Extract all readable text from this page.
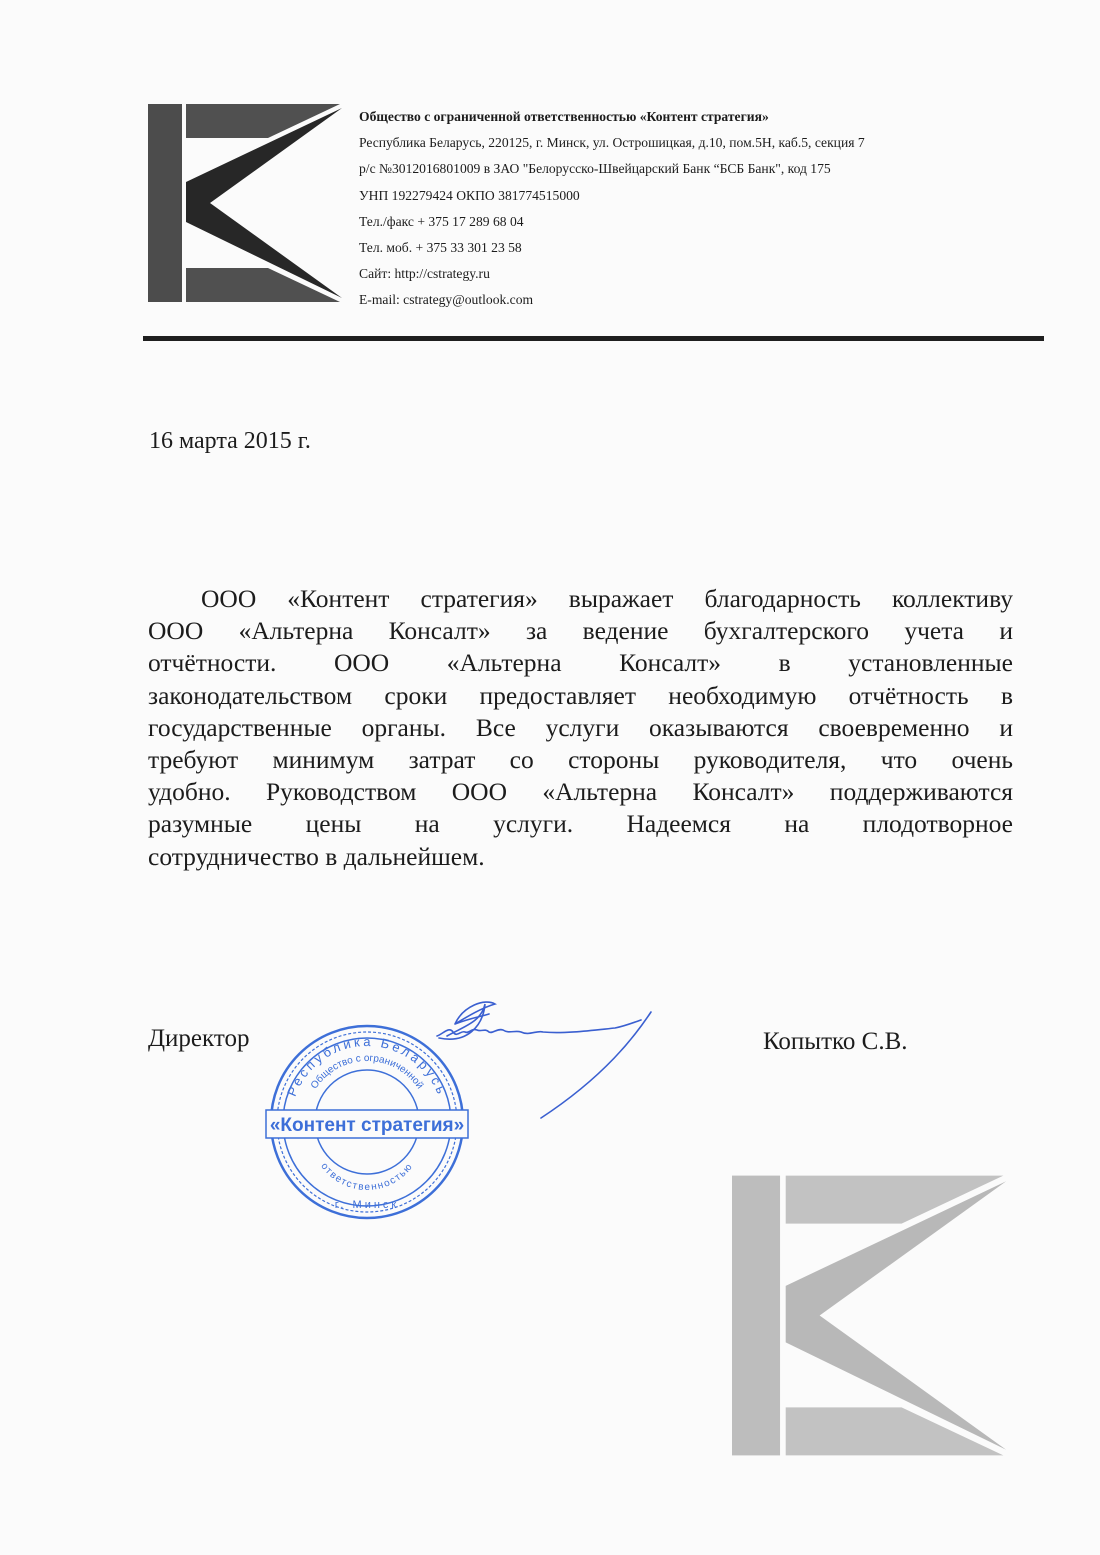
Общество с ограниченной ответственностью «Контент стратегия»
Республика Беларусь, 220125, г. Минск, ул. Острошицкая, д.10, пом.5Н, каб.5, секция 7
р/с №3012016801009 в ЗАО "Белорусско-Швейцарский Банк “БСБ Банк", код 175
УНП 192279424 ОКПО 381774515000
Тел./факс + 375 17 289 68 04
Тел. моб. + 375 33 301 23 58
Сайт: http://cstrategy.ru
E-mail: cstrategy@outlook.com
16 марта 2015 г.
ООО «Контент стратегия» выражает благодарность коллективу
ООО «Альтерна Консалт» за ведение бухгалтерского учета и
отчётности. ООО «Альтерна Консалт» в установленные
законодательством сроки предоставляет необходимую отчётность в
государственные органы. Все услуги оказываются своевременно и
требуют минимум затрат со стороны руководителя, что очень
удобно. Руководством ООО «Альтерна Консалт» поддерживаются
разумные цены на услуги. Надеемся на плодотворное
сотрудничество в дальнейшем.
Директор	Копытко С.В.
Республика Беларусь
Общество с ограниченной
ответственностью
«Контент стратегия»
г. Минск
